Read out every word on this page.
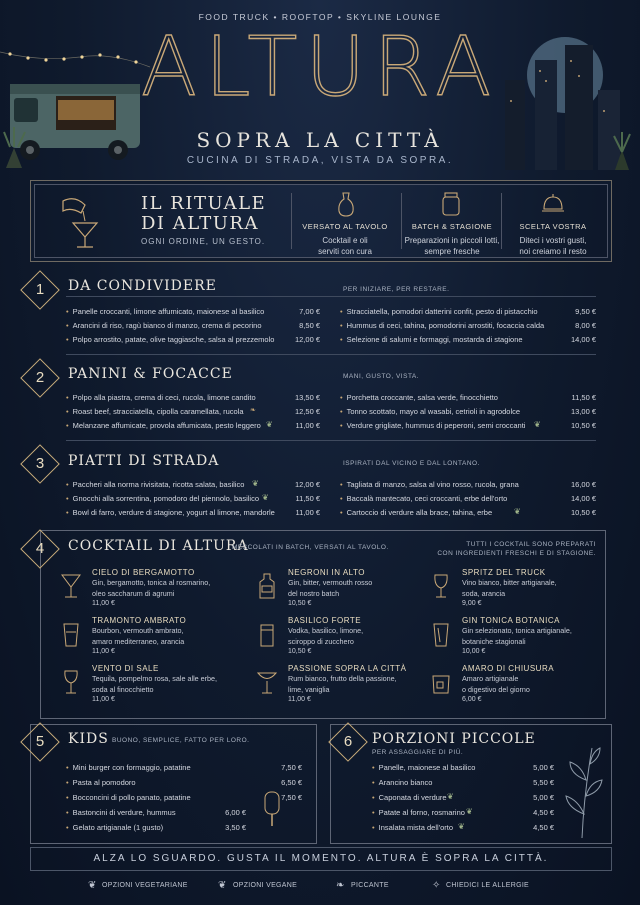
FOOD TRUCK • ROOFTOP • SKYLINE LOUNGE
ALTURA
SOPRA LA CITTÀ
CUCINA DI STRADA, VISTA DA SOPRA.
IL RITUALE
DI ALTURA
OGNI ORDINE, UN GESTO.
VERSATO AL TAVOLO
Cocktail e oli
serviti con cura
BATCH & STAGIONE
Preparazioni in piccoli lotti,
sempre fresche
SCELTA VOSTRA
Diteci i vostri gusti,
noi creiamo il resto
1	DA CONDIVIDERE	PER INIZIARE, PER RESTARE.
• Panelle croccanti, limone affumicato, maionese al basilico	7,00 €
• Arancini di riso, ragù bianco di manzo, crema di pecorino	8,50 €
• Polpo arrostito, patate, olive taggiasche, salsa al prezzemolo	12,00 €
• Stracciatella, pomodori datterini confit, pesto di pistacchio	9,50 €
• Hummus di ceci, tahina, pomodorini arrostiti, focaccia calda	8,00 €
• Selezione di salumi e formaggi, mostarda di stagione	14,00 €
2	PANINI & FOCACCE	MANI, GUSTO, VISTA.
• Polpo alla piastra, crema di ceci, rucola, limone candito	13,50 €
• Roast beef, stracciatella, cipolla caramellata, rucola ❧	12,50 €
• Melanzane affumicate, provola affumicata, pesto leggero ❦	11,00 €
• Porchetta croccante, salsa verde, finocchietto	11,50 €
• Tonno scottato, mayo al wasabi, cetrioli in agrodolce	13,00 €
• Verdure grigliate, hummus di peperoni, semi croccanti ❦	10,50 €
3	PIATTI DI STRADA	ISPIRATI DAL VICINO E DAL LONTANO.
• Paccheri alla norma rivisitata, ricotta salata, basilico ❦	12,00 €
• Gnocchi alla sorrentina, pomodoro del piennolo, basilico ❦	11,50 €
• Bowl di farro, verdure di stagione, yogurt al limone, mandorle	11,00 €
• Tagliata di manzo, salsa al vino rosso, rucola, grana	16,00 €
• Baccalà mantecato, ceci croccanti, erbe dell'orto	14,00 €
• Cartoccio di verdure alla brace, tahina, erbe	❦	10,50 €
4	COCKTAIL DI ALTURA
MESCOLATI IN BATCH, VERSATI AL TAVOLO.	TUTTI I COCKTAIL SONO PREPARATI
CON INGREDIENTI FRESCHI E DI STAGIONE.
CIELO DI BERGAMOTTO
Gin, bergamotto, tonica al rosmarino,
oleo saccharum di agrumi
11,00 €
NEGRONI IN ALTO
Gin, bitter, vermouth rosso
del nostro batch
10,50 €
SPRITZ DEL TRUCK
Vino bianco, bitter artigianale,
soda, arancia
9,00 €
TRAMONTO AMBRATO
Bourbon, vermouth ambrato,
amaro mediterraneo, arancia
11,00 €
BASILICO FORTE
Vodka, basilico, limone,
sciroppo di zucchero
10,50 €
GIN TONICA BOTANICA
Gin selezionato, tonica artigianale,
botaniche stagionali
10,00 €
VENTO DI SALE
Tequila, pompelmo rosa, sale alle erbe,
soda al finocchietto
11,00 €
PASSIONE SOPRA LA CITTÀ
Rum bianco, frutto della passione,
lime, vaniglia
11,00 €
AMARO DI CHIUSURA
Amaro artigianale
o digestivo del giorno
6,00 €
5	KIDS BUONO, SEMPLICE, FATTO PER LORO.
• Mini burger con formaggio, patatine	7,50 €
• Pasta al pomodoro	6,50 €
• Bocconcini di pollo panato, patatine	7,50 €
• Bastoncini di verdure, hummus	6,00 €
• Gelato artigianale (1 gusto)	3,50 €
6	PORZIONI PICCOLE
PER ASSAGGIARE DI PIÙ.
• Panelle, maionese al basilico	5,00 €
• Arancino bianco	5,50 €
• Caponata di verdure ❦	5,00 €
• Patate al forno, rosmarino ❦	4,50 €
• Insalata mista dell'orto ❦	4,50 €
ALZA LO SGUARDO. GUSTA IL MOMENTO. ALTURA È SOPRA LA CITTÀ.
❦ OPZIONI VEGETARIANE	❦ OPZIONI VEGANE	❧ PICCANTE	✧ CHIEDICI LE ALLERGIE
